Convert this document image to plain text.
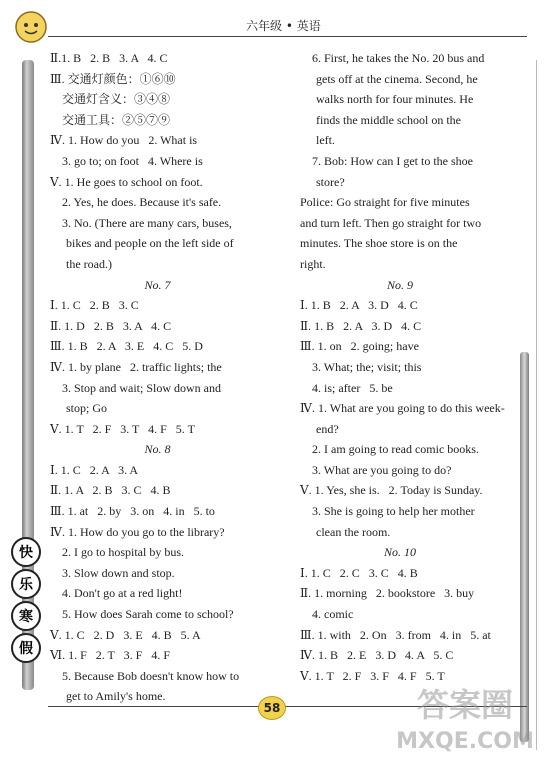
六年级 • 英语
快
乐
寒
假
Ⅱ.1. B   2. B   3. A   4. C
Ⅲ. 交通灯颜色：①⑥⑩
交通灯含义：③④⑧
交通工具：②⑤⑦⑨
Ⅳ. 1. How do you   2. What is
3. go to; on foot   4. Where is
Ⅴ. 1. He goes to school on foot.
2. Yes, he does. Because it's safe.
3. No. (There are many cars, buses,
bikes and people on the left side of
the road.)
No. 7
Ⅰ. 1. C   2. B   3. C
Ⅱ. 1. D   2. B   3. A   4. C
Ⅲ. 1. B   2. A   3. E   4. C   5. D
Ⅳ. 1. by plane   2. traffic lights; the
3. Stop and wait; Slow down and
stop; Go
Ⅴ. 1. T   2. F   3. T   4. F   5. T
No. 8
Ⅰ. 1. C   2. A   3. A
Ⅱ. 1. A   2. B   3. C   4. B
Ⅲ. 1. at   2. by   3. on   4. in   5. to
Ⅳ. 1. How do you go to the library?
2. I go to hospital by bus.
3. Slow down and stop.
4. Don't go at a red light!
5. How does Sarah come to school?
Ⅴ. 1. C   2. D   3. E   4. B   5. A
Ⅵ. 1. F   2. T   3. F   4. F
5. Because Bob doesn't know how to
get to Amily's home.
6. First, he takes the No. 20 bus and
gets off at the cinema. Second, he
walks north for four minutes. He
finds the middle school on the
left.
7. Bob: How can I get to the shoe
store?
Police: Go straight for five minutes
and turn left. Then go straight for two
minutes. The shoe store is on the
right.
No. 9
Ⅰ. 1. B   2. A   3. D   4. C
Ⅱ. 1. B   2. A   3. D   4. C
Ⅲ. 1. on   2. going; have
3. What; the; visit; this
4. is; after   5. be
Ⅳ. 1. What are you going to do this week-
end?
2. I am going to read comic books.
3. What are you going to do?
Ⅴ. 1. Yes, she is.   2. Today is Sunday.
3. She is going to help her mother
clean the room.
No. 10
Ⅰ. 1. C   2. C   3. C   4. B
Ⅱ. 1. morning   2. bookstore   3. buy
4. comic
Ⅲ. 1. with   2. On   3. from   4. in   5. at
Ⅳ. 1. B   2. E   3. D   4. A   5. C
Ⅴ. 1. T   2. F   3. F   4. F   5. T
58	答案圈
MXQE.COM
